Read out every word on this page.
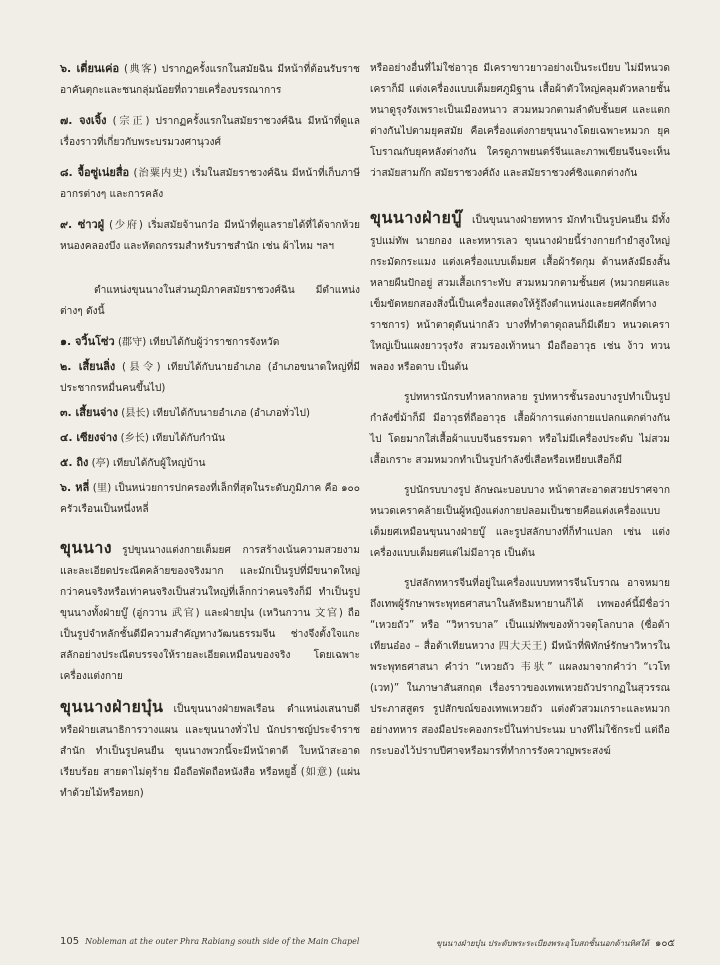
๖. เตี่ยนเค่อ (典客) ปรากฏครั้งแรกในสมัยฉิน มีหน้าที่ต้อนรับราชอาคันตุกะและชนกลุ่มน้อยที่ถวายเครื่องบรรณาการ

๗. จงเจิ้ง (宗正) ปรากฏครั้งแรกในสมัยราชวงศ์ฉิน มีหน้าที่ดูแลเรื่องราวที่เกี่ยวกับพระบรมวงศานุวงศ์

๘. จื้อซู่เน่ยสื่อ (治粟内史) เริ่มในสมัยราชวงศ์ฉิน มีหน้าที่เก็บภาษีอากรต่างๆ และการคลัง

๙. ซ่าวฝู่ (少府) เริ่มสมัยจ้านกว๋อ มีหน้าที่ดูแลรายได้ที่ได้จากห้วยหนองคลองบึง และหัตถกรรมสำหรับราชสำนัก เช่น ผ้าไหม ฯลฯ

ตำแหน่งขุนนางในส่วนภูมิภาคสมัยราชวงศ์ฉิน มีตำแหน่งต่างๆ ดังนี้

๑. จวิ้นโซ่ว (郡守) เทียบได้กับผู้ว่าราชการจังหวัด

๒. เสี้ยนลิ่ง (县令) เทียบได้กับนายอำเภอ (อำเภอขนาดใหญ่ที่มีประชากรหมื่นคนขึ้นไป)

๓. เสี้ยนจ่าง (县长) เทียบได้กับนายอำเภอ (อำเภอทั่วไป)

๔. เซียงจ่าง (乡长) เทียบได้กับกำนัน

๕. ถิง (亭) เทียบได้กับผู้ใหญ่บ้าน

๖. หลี่ (里) เป็นหน่วยการปกครองที่เล็กที่สุดในระดับภูมิภาค คือ ๑๐๐ ครัวเรือนเป็นหนึ่งหลี่

ขุนนาง รูปขุนนางแต่งกายเต็มยศ การสร้างเน้นความสวยงามและละเอียดประณีตคล้ายของจริงมาก และมักเป็นรูปที่มีขนาดใหญ่กว่าคนจริงหรือเท่าคนจริงเป็นส่วนใหญ่ที่เล็กกว่าคนจริงก็มี ทำเป็นรูปขุนนางทั้งฝ่ายบู๊ (อู่กวาน 武官) และฝ่ายบุ๋น (เหวินกวาน 文官) ถือเป็นรูปจำหลักชั้นดีมีความสำคัญทางวัฒนธรรมจีน ช่างจึงตั้งใจแกะสลักอย่างประณีตบรรจงให้รายละเอียดเหมือนของจริง โดยเฉพาะเครื่องแต่งกาย

ขุนนางฝ่ายบุ๋น เป็นขุนนางฝ่ายพลเรือน ตำแหน่งเสนาบดี หรือฝ่ายเสนาธิการวางแผน และขุนนางทั่วไป นักปราชญ์ประจำราชสำนัก ทำเป็นรูปคนยืน ขุนนางพวกนี้จะมีหน้าตาดี ใบหน้าสะอาดเรียบร้อย สายตาไม่ดุร้าย มือถือพัดถือหนังสือ หรือหยูอี้ (如意) (แผ่นทำด้วยไม้หรือหยก)

หรืออย่างอื่นที่ไม่ใช่อาวุธ มีเคราขาวยาวอย่างเป็นระเบียบ ไม่มีหนวดเคราก็มี แต่งเครื่องแบบเต็มยศภูมิฐาน เสื้อผ้าตัวใหญ่คลุมตัวหลายชั้นหนาดูรุงรังเพราะเป็นเมืองหนาว สวมหมวกตามลำดับชั้นยศ และแตกต่างกันไปตามยุคสมัย คือเครื่องแต่งกายขุนนางโดยเฉพาะหมวก ยุคโบราณกับยุคหลังต่างกัน ใครดูภาพยนตร์จีนและภาพเขียนจีนจะเห็นว่าสมัยสามก๊ก สมัยราชวงศ์ถัง และสมัยราชวงศ์ชิงแตกต่างกัน

ขุนนางฝ่ายบู๊ เป็นขุนนางฝ่ายทหาร มักทำเป็นรูปคนยืน มีทั้งรูปแม่ทัพ นายกอง และทหารเลว ขุนนางฝ่ายนี้ร่างกายกำยำสูงใหญ่กระมัดกระแมง แต่งเครื่องแบบเต็มยศ เสื้อผ้ารัดกุม ด้านหลังมีธงสั้นหลายผืนปักอยู่ สวมเสื้อเกราะทับ สวมหมวกตามชั้นยศ (หมวกยศและเข็มขัดหยกสองสิ่งนี้เป็นเครื่องแสดงให้รู้ถึงตำแหน่งและยศศักดิ์ทางราชการ) หน้าตาดุดันน่ากลัว บางที่ทำตาดุถลนก็มีเดียว หนวดเคราใหญ่เป็นแผงยาวรุงรัง สวมรองเท้าหนา มือถืออาวุธ เช่น ง้าว ทวน พลอง หรือดาบ เป็นต้น

รูปทหารนักรบทำหลากหลาย รูปทหารชั้นรองบางรูปทำเป็นรูปกำลังขี่ม้าก็มี มีอาวุธที่ถืออาวุธ เสื้อผ้าการแต่งกายแปลกแตกต่างกันไป โดยมากใส่เสื้อผ้าแบบจีนธรรมดา หรือไม่มีเครื่องประดับ ไม่สวมเสื้อเกราะ สวมหมวกทำเป็นรูปกำลังขี่เสือหรือเหยียบเสือก็มี

รูปนักรบบางรูป ลักษณะบอบบาง หน้าตาสะอาดสวยปราศจากหนวดเคราคล้ายเป็นผู้หญิงแต่งกายปลอมเป็นชายคือแต่งเครื่องแบบเต็มยศเหมือนขุนนางฝ่ายบู๊ และรูปสลักบางที่ก็ทำแปลก เช่น แต่งเครื่องแบบเต็มยศแต่ไม่มีอาวุธ เป็นต้น

รูปสลักทหารจีนที่อยู่ในเครื่องแบบทหารจีนโบราณ อาจหมายถึงเทพผู้รักษาพระพุทธศาสนาในลัทธิมหายานก็ได้ เทพองค์นี้มีชื่อว่า “เหวยถัว” หรือ “วิหารบาล” เป็นแม่ทัพของท้าวจตุโลกบาล (ซื่อต้าเทียนอ๋อง – สื่อต้าเทียนหวาง 四大天王) มีหน้าที่พิทักษ์รักษาวิหารในพระพุทธศาสนา คำว่า “เหวยถัว 韦驮” แผลงมาจากคำว่า “เวโท (เวท)” ในภาษาสันสกฤต เรื่องราวของเทพเหวยถัวปรากฏในสุวรรณประภาสสูตร รูปสักขณ์ของเทพเหวยถัว แต่งตัวสวมเกราะและหมวกอย่างทหาร สองมือประคองกระบี่ในท่าประนม บางทีไม่ใช้กระบี่ แต่ถือกระบองไว้ปราบปีศาจหรือมารที่ทำการรังควาญพระสงฆ์

105 Nobleman at the outer Phra Rabiang south side of the Main Chapel	ขุนนางฝ่ายบุ๋น ประดับพระระเบียงพระอุโบสถชั้นนอกด้านทิศใต้ ๑๐๕
